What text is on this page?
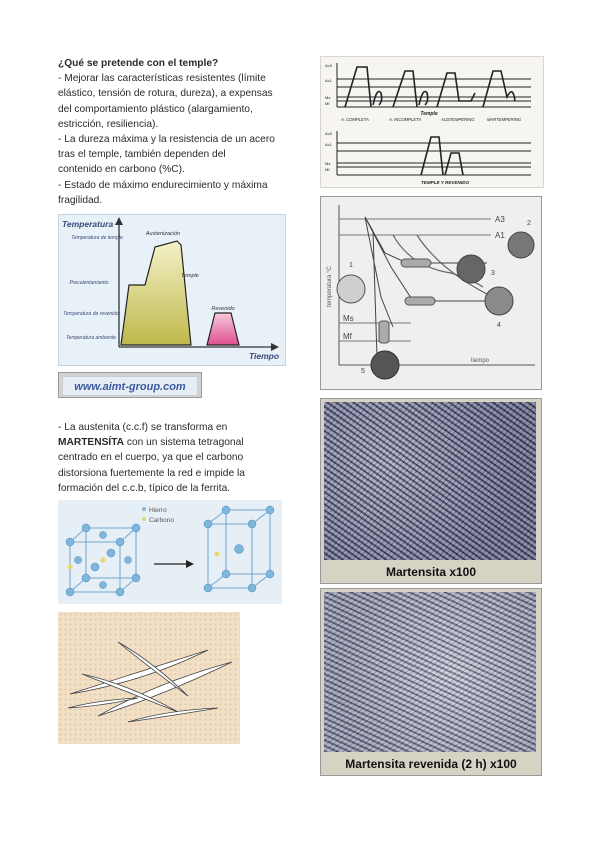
¿Qué se pretende con el temple?

- Mejorar las características resistentes (límite

elástico, tensión de rotura, dureza), a expensas

del comportamiento plástico (alargamiento,

estricción, resiliencia).

- La dureza máxima y la resistencia de un acero

tras el temple, también dependen del

contenido en carbono (%C).

- Estado de máximo endurecimiento y máxima

fragilidad.

Temperatura
Temperatura de temple
Precalentamiento
Temperatura de revenido
Temperatura ambiente
Austenización
Temple
Revenido
Tiempo
www.aimt-group.com

- La austenita (c.c.f) se transforma en

MARTENSÍTA con un sistema tetragonal

centrado en el cuerpo, ya que el carbono

distorsiona fuertemente la red e impide la

formación del c.c.b, típico de la ferrita.

Hierro
Carbono
Ac3
Ac1
Ms
Mf
Temple
A. COMPLETA	A. INCOMPLETA	AUSTEMPERING	MARTEMPERING
Ac3
Ac1
Ms
Mf
TEMPLE Y REVENIDO
temperatura °C
tiempo
A3
A1
Ms
Mf
1
2
3
4
5
Martensita x100
Martensita revenida (2 h) x100
